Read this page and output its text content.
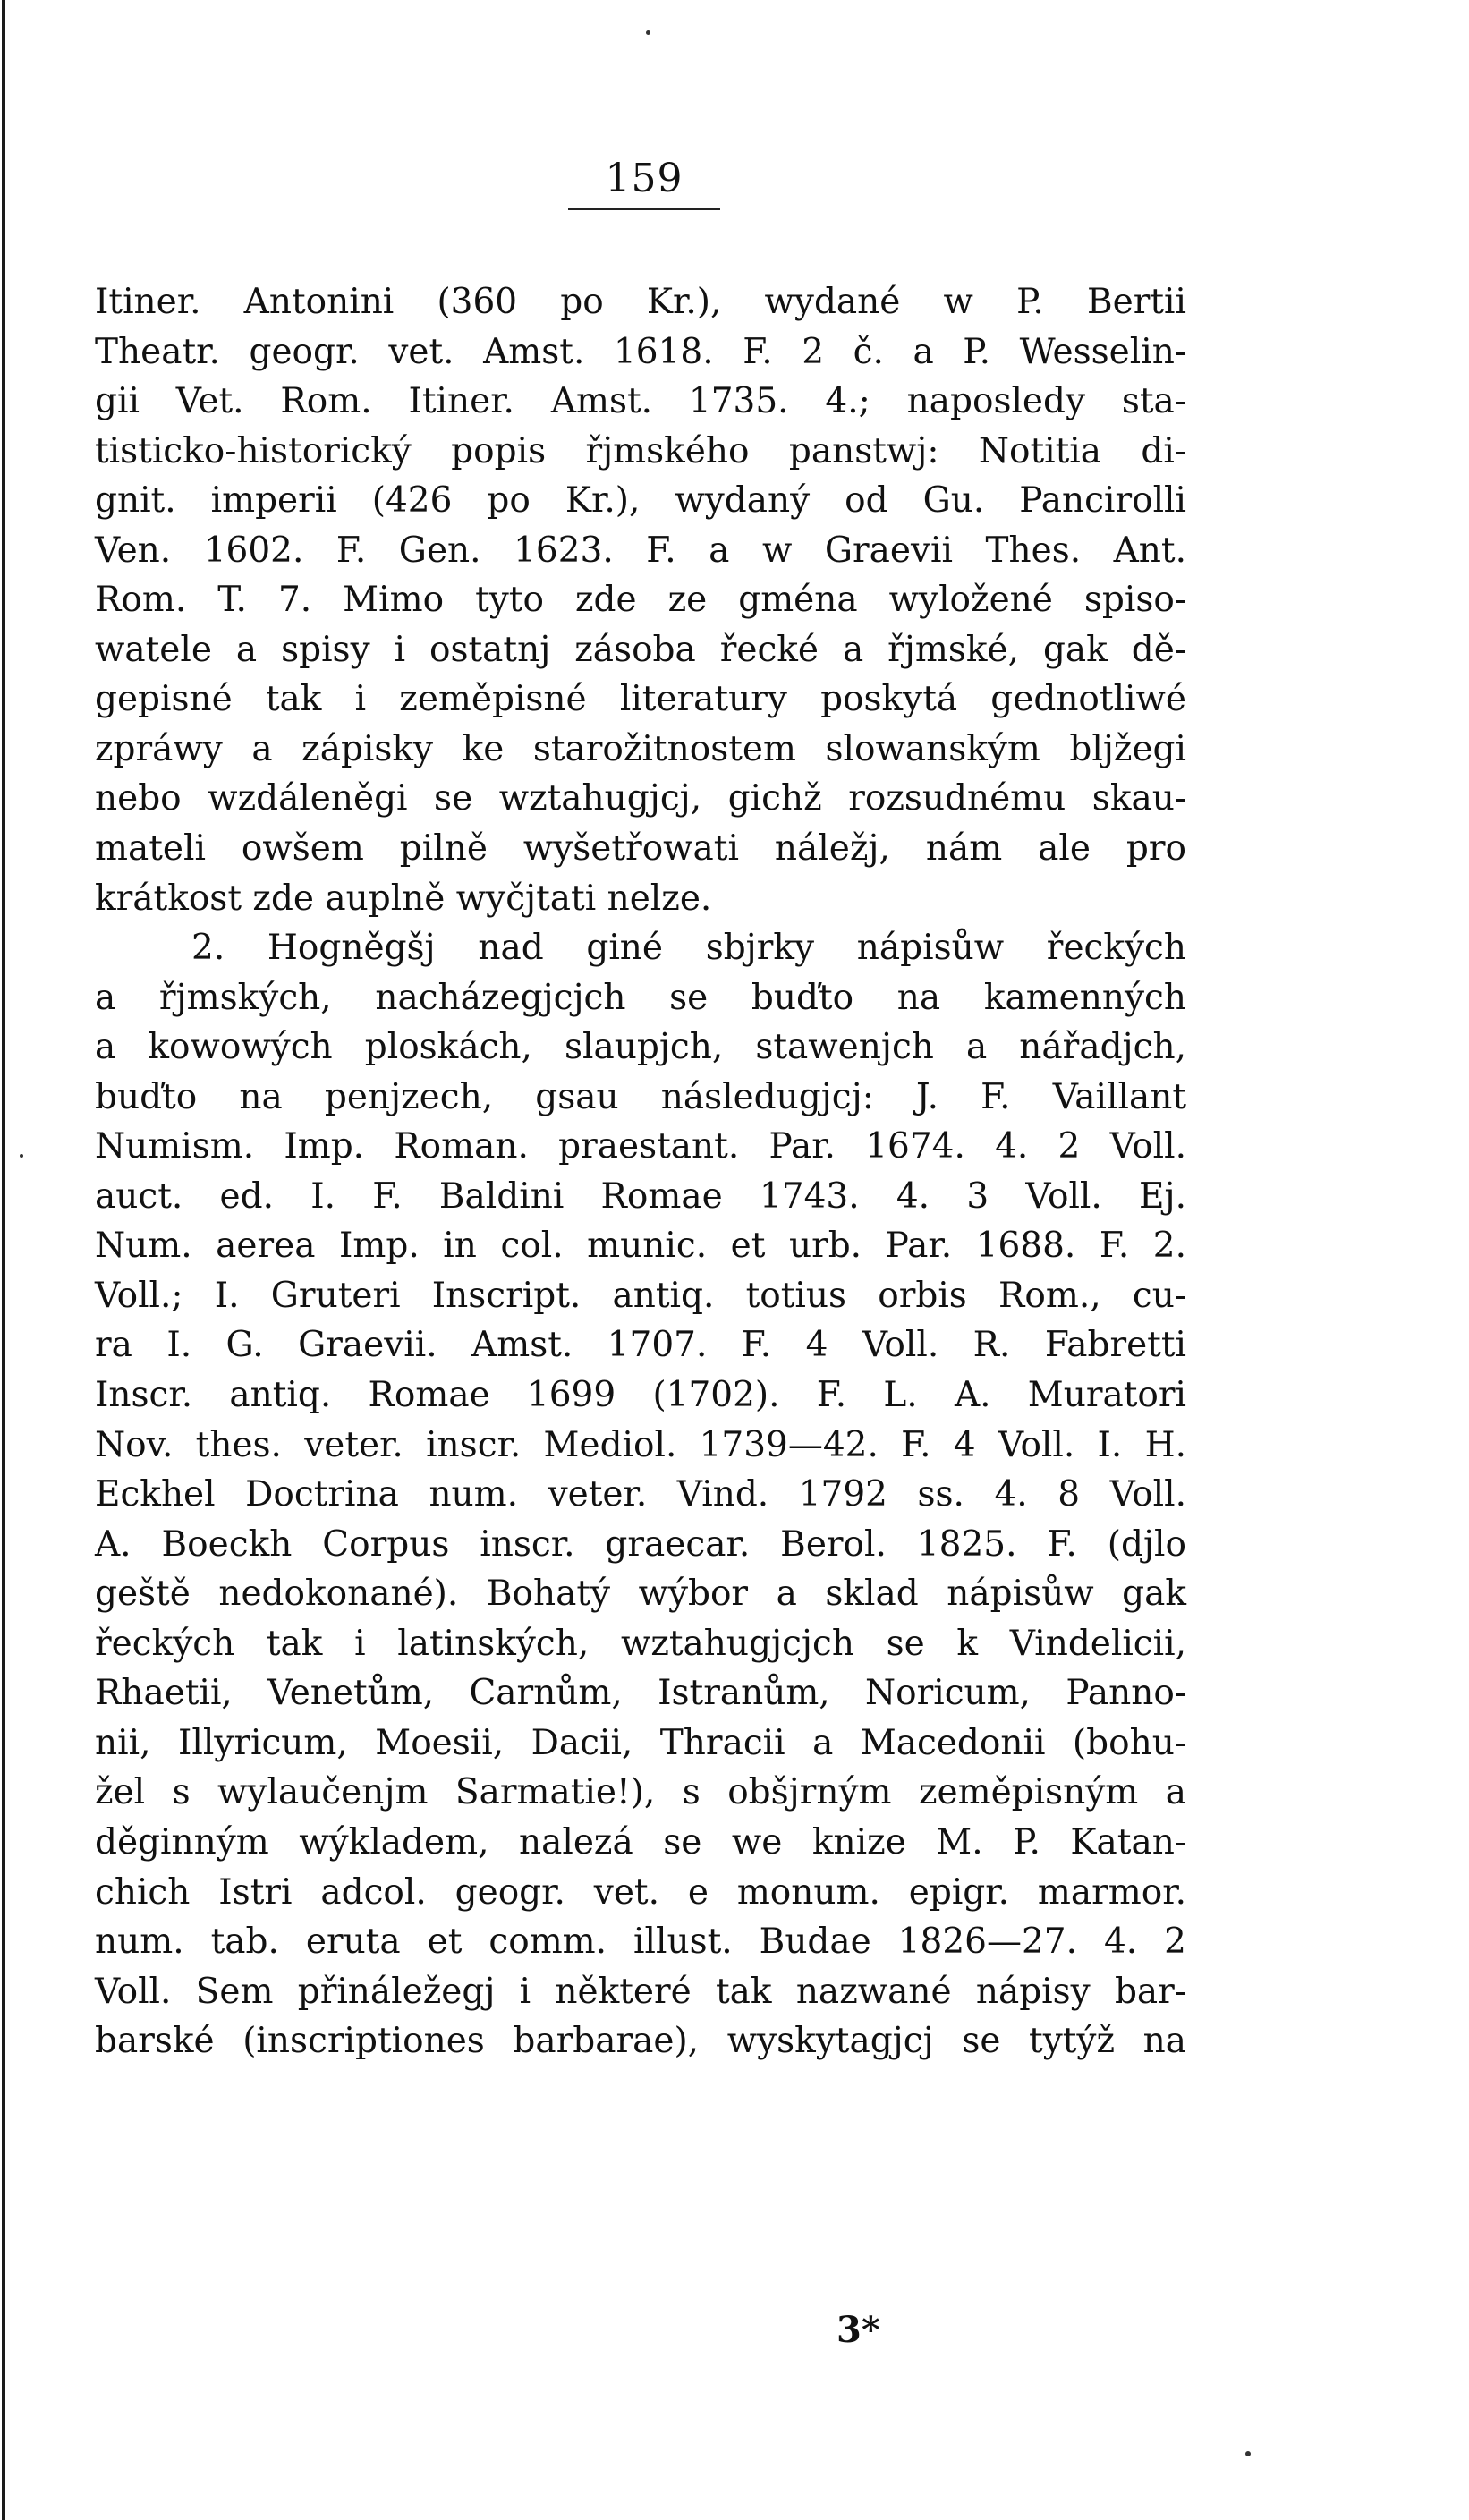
159
Itiner. Antonini (360 po Kr.), wydané w P. Bertii
Theatr. geogr. vet. Amst. 1618. F. 2 č. a P. Wesselin-
gii Vet. Rom. Itiner. Amst. 1735. 4.; naposledy sta-
tisticko-historický popis řjmského panstwj: Notitia di-
gnit. imperii (426 po Kr.), wydaný od Gu. Pancirolli
Ven. 1602. F. Gen. 1623. F. a w Graevii Thes. Ant.
Rom. T. 7. Mimo tyto zde ze gména wyložené spiso-
watele a spisy i ostatnj zásoba řecké a řjmské, gak dě-
gepisné tak i zeměpisné literatury poskytá gednotliwé
zpráwy a zápisky ke starožitnostem slowanským bljžegi
nebo wzdáleněgi se wztahugjcj, gichž rozsudnému skau-
mateli owšem pilně wyšetřowati náležj, nám ale pro
krátkost zde auplně wyčjtati nelze.
2. Hogněgšj nad giné sbjrky nápisůw řeckých
a řjmských, nacházegjcjch se buďto na kamenných
a kowowých ploskách, slaupjch, stawenjch a nářadjch,
buďto na penjzech, gsau následugjcj: J. F. Vaillant
Numism. Imp. Roman. praestant. Par. 1674. 4. 2 Voll.
auct. ed. I. F. Baldini Romae 1743. 4. 3 Voll. Ej.
Num. aerea Imp. in col. munic. et urb. Par. 1688. F. 2.
Voll.; I. Gruteri Inscript. antiq. totius orbis Rom., cu-
ra I. G. Graevii. Amst. 1707. F. 4 Voll. R. Fabretti
Inscr. antiq. Romae 1699 (1702). F. L. A. Muratori
Nov. thes. veter. inscr. Mediol. 1739—42. F. 4 Voll. I. H.
Eckhel Doctrina num. veter. Vind. 1792 ss. 4. 8 Voll.
A. Boeckh Corpus inscr. graecar. Berol. 1825. F. (djlo
geště nedokonané). Bohatý wýbor a sklad nápisůw gak
řeckých tak i latinských, wztahugjcjch se k Vindelicii,
Rhaetii, Venetům, Carnům, Istranům, Noricum, Panno-
nii, Illyricum, Moesii, Dacii, Thracii a Macedonii (bohu-
žel s wylaučenjm Sarmatie!), s obšjrným zeměpisným a
děginným wýkladem, nalezá se we knize M. P. Katan-
chich Istri adcol. geogr. vet. e monum. epigr. marmor.
num. tab. eruta et comm. illust. Budae 1826—27. 4. 2
Voll. Sem přináležegj i některé tak nazwané nápisy bar-
barské (inscriptiones barbarae), wyskytagjcj se tytýž na
3*
